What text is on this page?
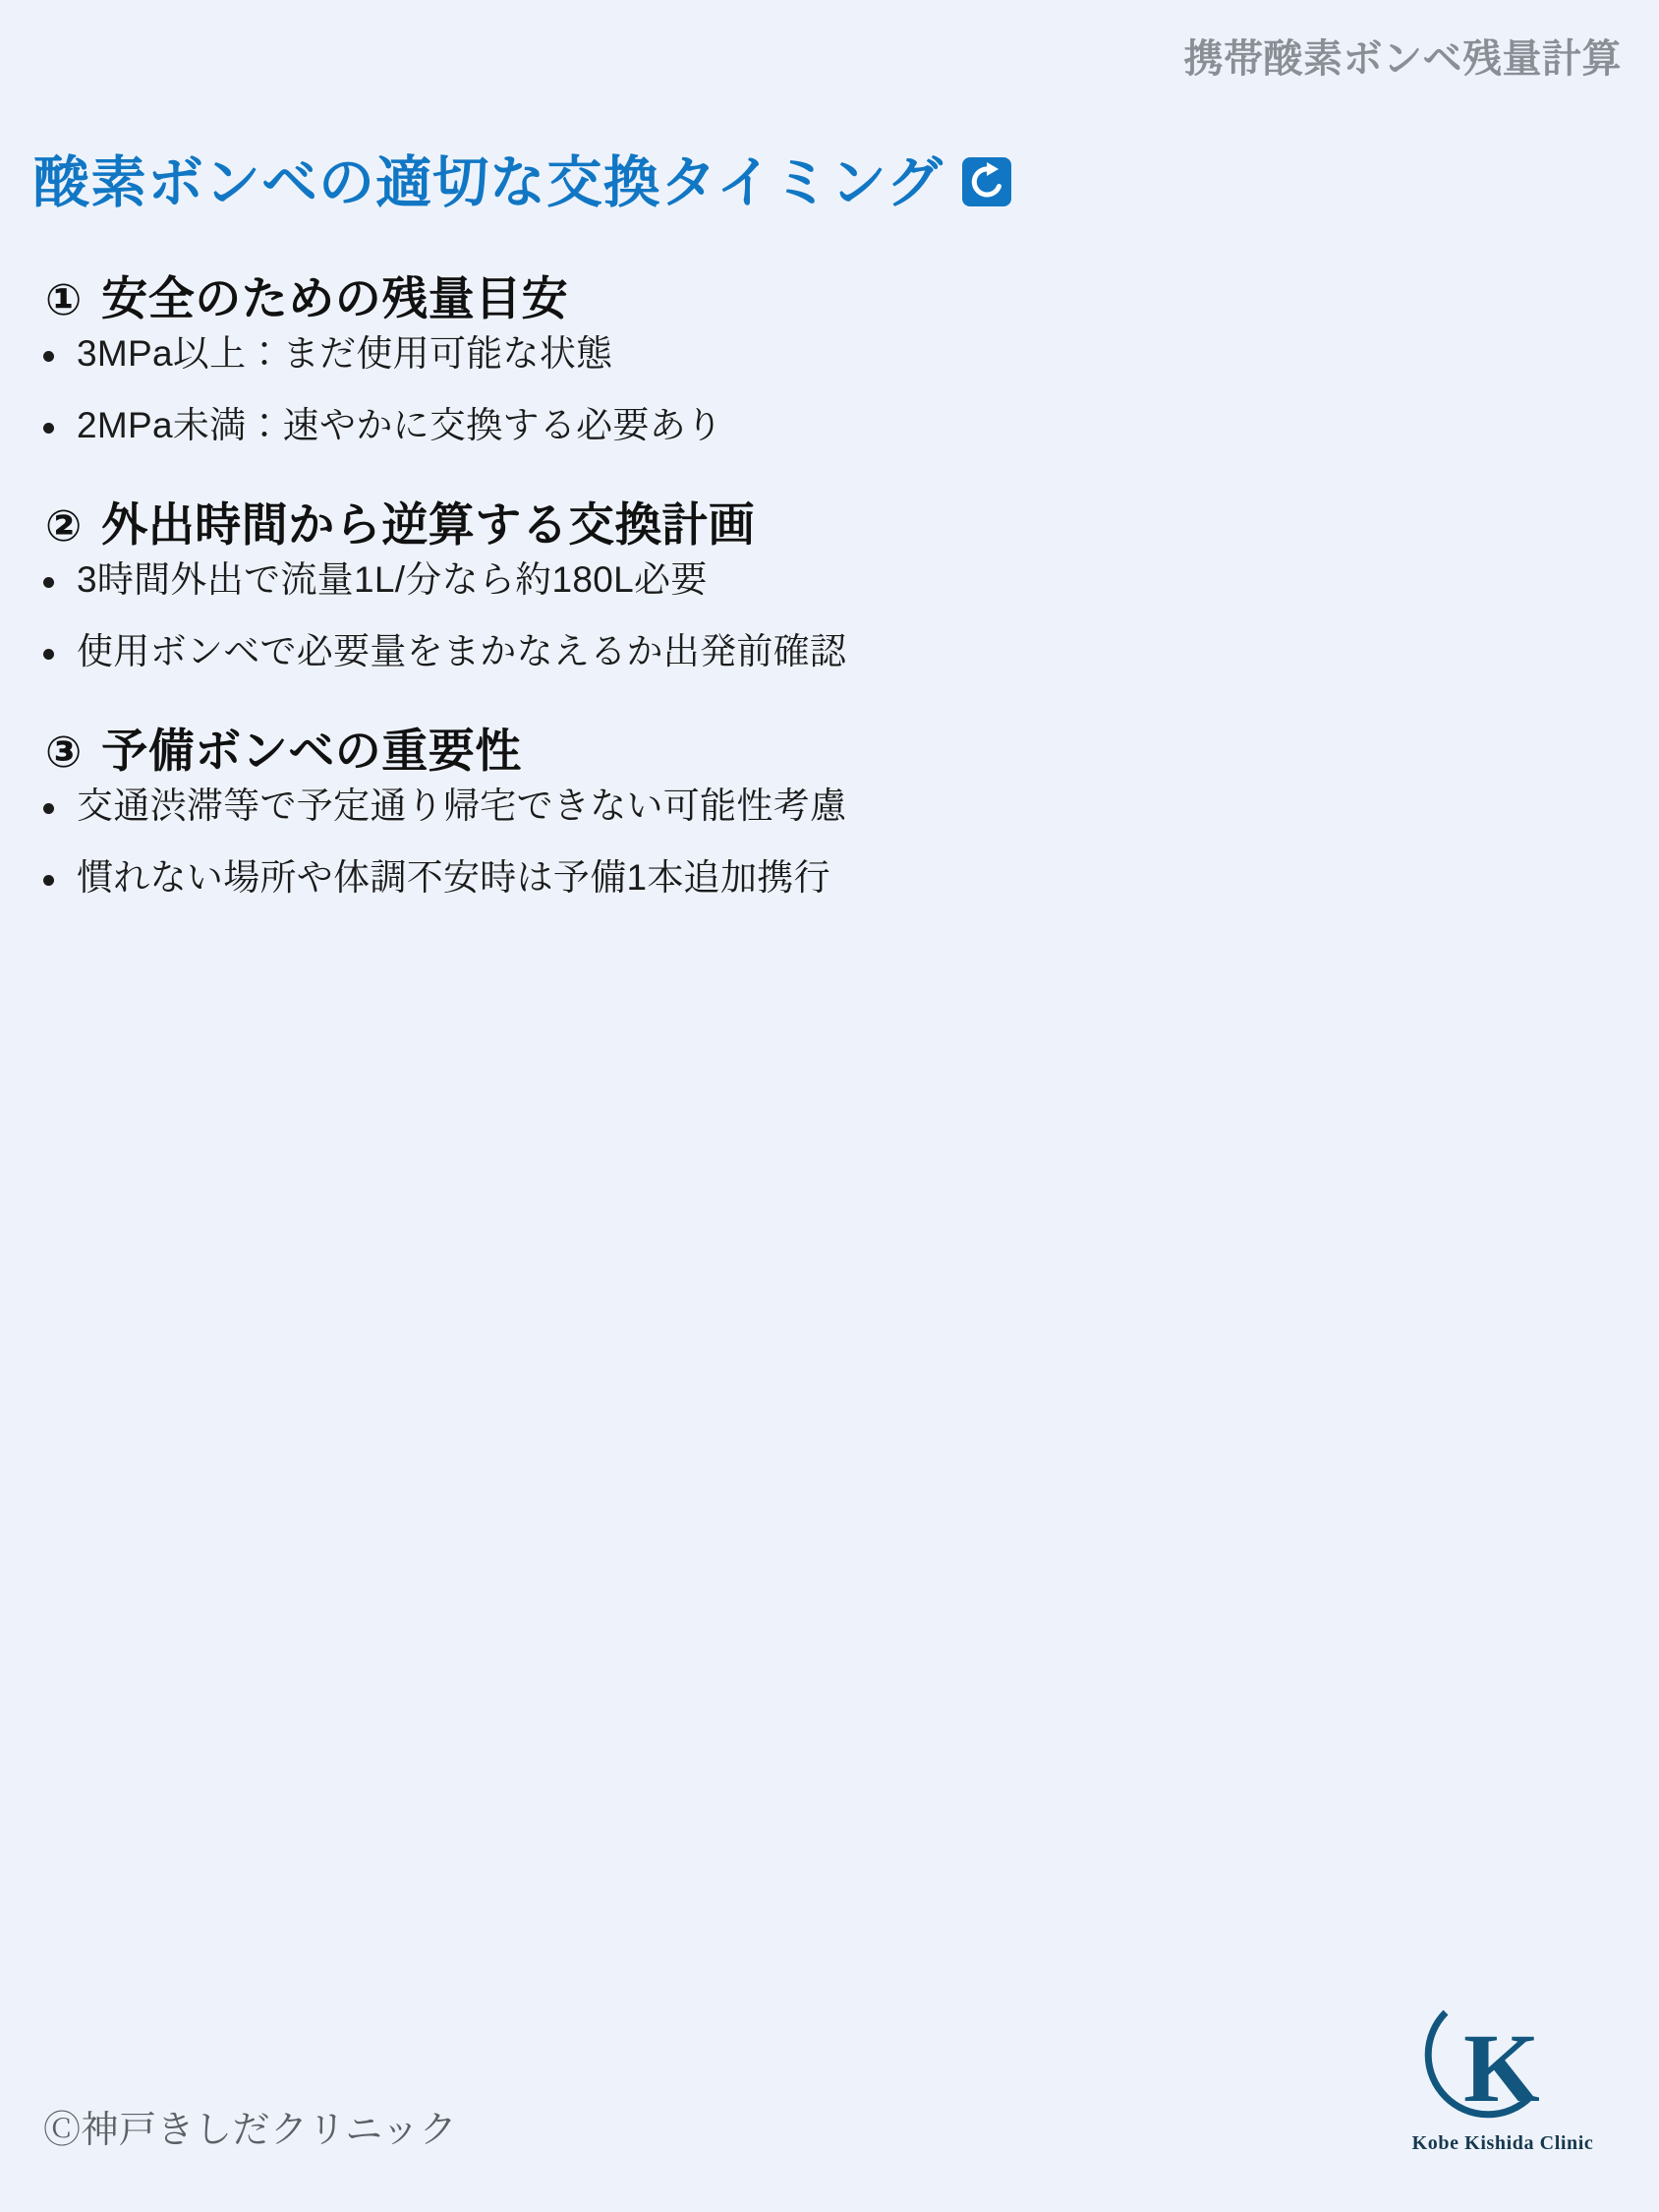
携帯酸素ボンベ残量計算
酸素ボンベの適切な交換タイミング
① 安全のための残量目安
3MPa以上：まだ使用可能な状態
2MPa未満：速やかに交換する必要あり
② 外出時間から逆算する交換計画
3時間外出で流量1L/分なら約180L必要
使用ボンベで必要量をまかなえるか出発前確認
③ 予備ボンベの重要性
交通渋滞等で予定通り帰宅できない可能性考慮
慣れない場所や体調不安時は予備1本追加携行
Ⓒ神戸きしだクリニック
K
Kobe Kishida Clinic
